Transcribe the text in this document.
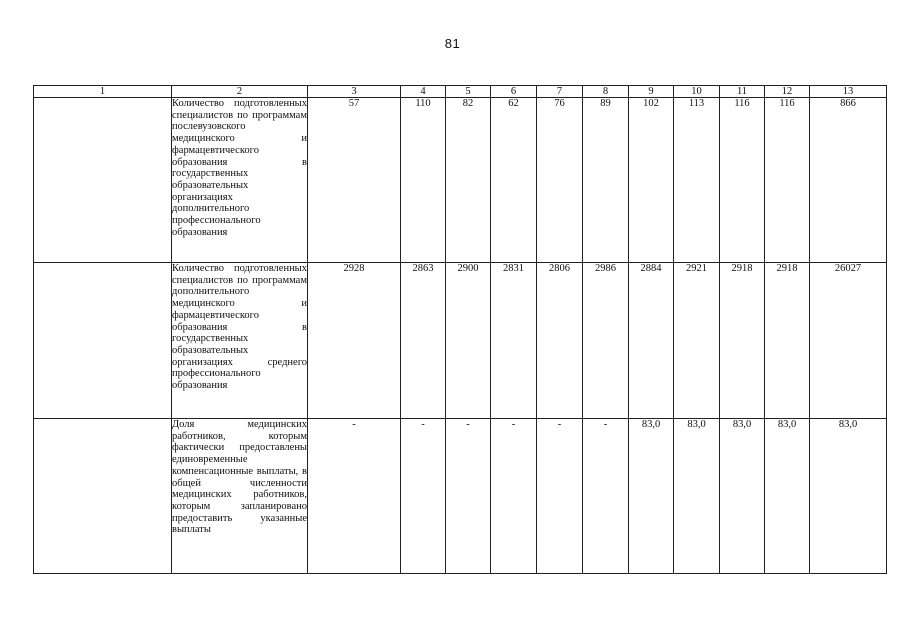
81
1	2	3	4	5	6	7	8	9	10	11	12	13
	Количество подготовленных специалистов по программам послевузовского медицинского и фармацевтического образования в государственных образовательных организациях дополнительного профессионального образования	57	110	82	62	76	89	102	113	116	116	866
	Количество подготовленных специалистов по программам дополнительного медицинского и фармацевтического образования в государственных образовательных организациях среднего профессионального образования	2928	2863	2900	2831	2806	2986	2884	2921	2918	2918	26027
	Доля медицинских работников, которым фактически предоставлены единовременные компенсационные выплаты, в общей численности медицинских работников, которым запланировано предоставить указанные выплаты	-	-	-	-	-	-	83,0	83,0	83,0	83,0	83,0
